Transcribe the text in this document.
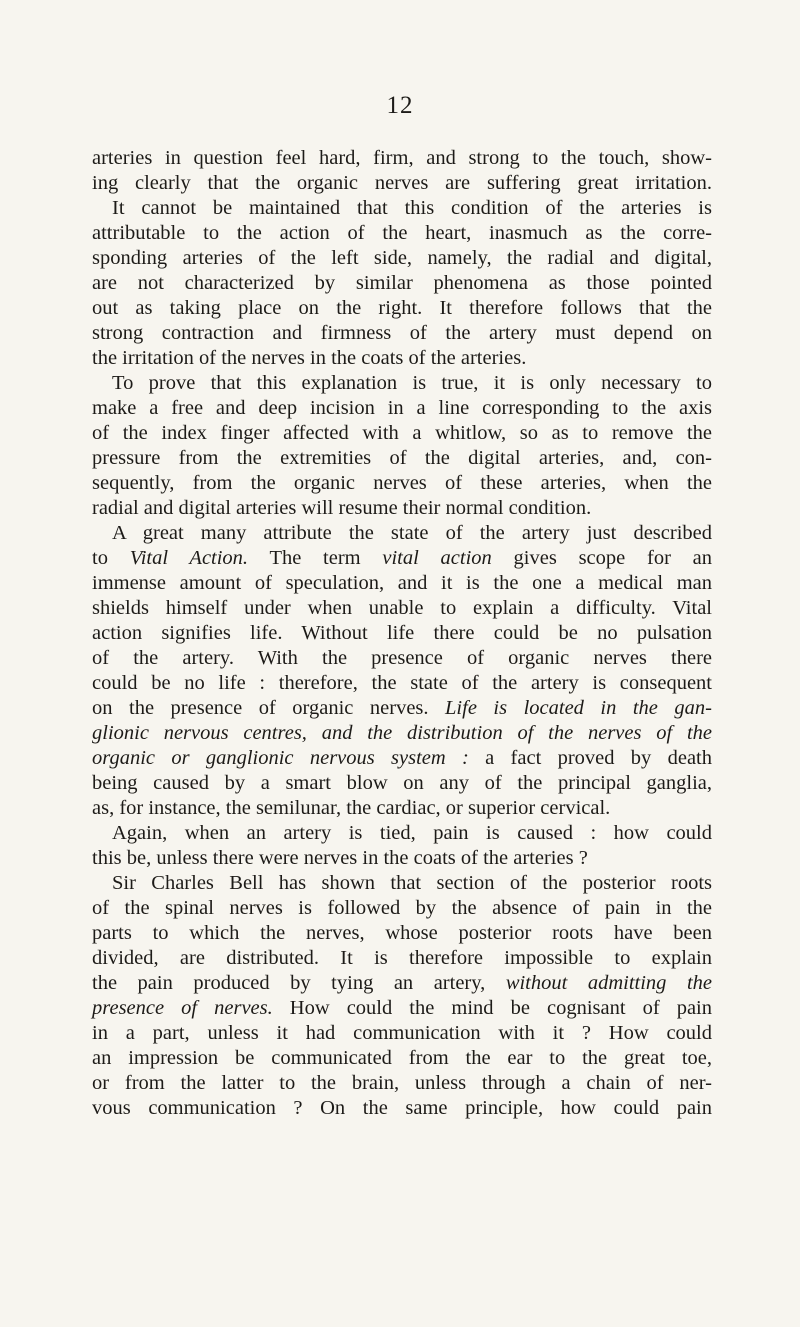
12
arteries in question feel hard, firm, and strong to the touch, show-
ing clearly that the organic nerves are suffering great irritation.
It cannot be maintained that this condition of the arteries is
attributable to the action of the heart, inasmuch as the corre-
sponding arteries of the left side, namely, the radial and digital,
are not characterized by similar phenomena as those pointed
out as taking place on the right. It therefore follows that the
strong contraction and firmness of the artery must depend on
the irritation of the nerves in the coats of the arteries.
To prove that this explanation is true, it is only necessary to
make a free and deep incision in a line corresponding to the axis
of the index finger affected with a whitlow, so as to remove the
pressure from the extremities of the digital arteries, and, con-
sequently, from the organic nerves of these arteries, when the
radial and digital arteries will resume their normal condition.
A great many attribute the state of the artery just described
to Vital Action. The term vital action gives scope for an
immense amount of speculation, and it is the one a medical man
shields himself under when unable to explain a difficulty. Vital
action signifies life. Without life there could be no pulsation
of the artery. With the presence of organic nerves there
could be no life : therefore, the state of the artery is consequent
on the presence of organic nerves. Life is located in the gan-
glionic nervous centres, and the distribution of the nerves of the
organic or ganglionic nervous system : a fact proved by death
being caused by a smart blow on any of the principal ganglia,
as, for instance, the semilunar, the cardiac, or superior cervical.
Again, when an artery is tied, pain is caused : how could
this be, unless there were nerves in the coats of the arteries ?
Sir Charles Bell has shown that section of the posterior roots
of the spinal nerves is followed by the absence of pain in the
parts to which the nerves, whose posterior roots have been
divided, are distributed. It is therefore impossible to explain
the pain produced by tying an artery, without admitting the
presence of nerves. How could the mind be cognisant of pain
in a part, unless it had communication with it ? How could
an impression be communicated from the ear to the great toe,
or from the latter to the brain, unless through a chain of ner-
vous communication ? On the same principle, how could pain
